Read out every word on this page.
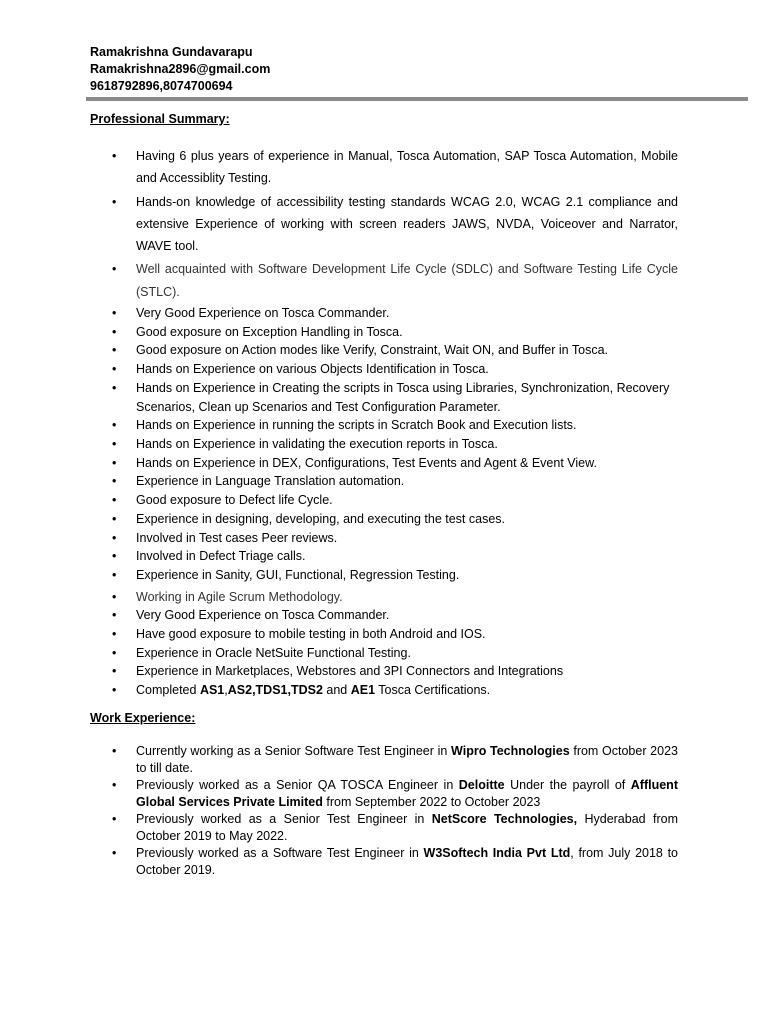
Ramakrishna Gundavarapu
Ramakrishna2896@gmail.com
9618792896,8074700694
Professional Summary:
• Having 6 plus years of experience in Manual, Tosca Automation, SAP Tosca Automation, Mobile and Accessiblity Testing.
• Hands-on knowledge of accessibility testing standards WCAG 2.0, WCAG 2.1 compliance and extensive Experience of working with screen readers JAWS, NVDA, Voiceover and Narrator, WAVE tool.
• Well acquainted with Software Development Life Cycle (SDLC) and Software Testing Life Cycle (STLC).
• Very Good Experience on Tosca Commander.
• Good exposure on Exception Handling in Tosca.
• Good exposure on Action modes like Verify, Constraint, Wait ON, and Buffer in Tosca.
• Hands on Experience on various Objects Identification in Tosca.
• Hands on Experience in Creating the scripts in Tosca using Libraries, Synchronization, Recovery Scenarios, Clean up Scenarios and Test Configuration Parameter.
• Hands on Experience in running the scripts in Scratch Book and Execution lists.
• Hands on Experience in validating the execution reports in Tosca.
• Hands on Experience in DEX, Configurations, Test Events and Agent & Event View.
• Experience in Language Translation automation.
• Good exposure to Defect life Cycle.
• Experience in designing, developing, and executing the test cases.
• Involved in Test cases Peer reviews.
• Involved in Defect Triage calls.
• Experience in Sanity, GUI, Functional, Regression Testing.
• Working in Agile Scrum Methodology.
• Very Good Experience on Tosca Commander.
• Have good exposure to mobile testing in both Android and IOS.
• Experience in Oracle NetSuite Functional Testing.
• Experience in Marketplaces, Webstores and 3PI Connectors and Integrations
• Completed AS1,AS2,TDS1,TDS2 and AE1 Tosca Certifications.
Work Experience:
• Currently working as a Senior Software Test Engineer in Wipro Technologies from October 2023 to till date.
• Previously worked as a Senior QA TOSCA Engineer in Deloitte Under the payroll of Affluent Global Services Private Limited from September 2022 to October 2023
• Previously worked as a Senior Test Engineer in NetScore Technologies, Hyderabad from October 2019 to May 2022.
• Previously worked as a Software Test Engineer in W3Softech India Pvt Ltd, from July 2018 to October 2019.
